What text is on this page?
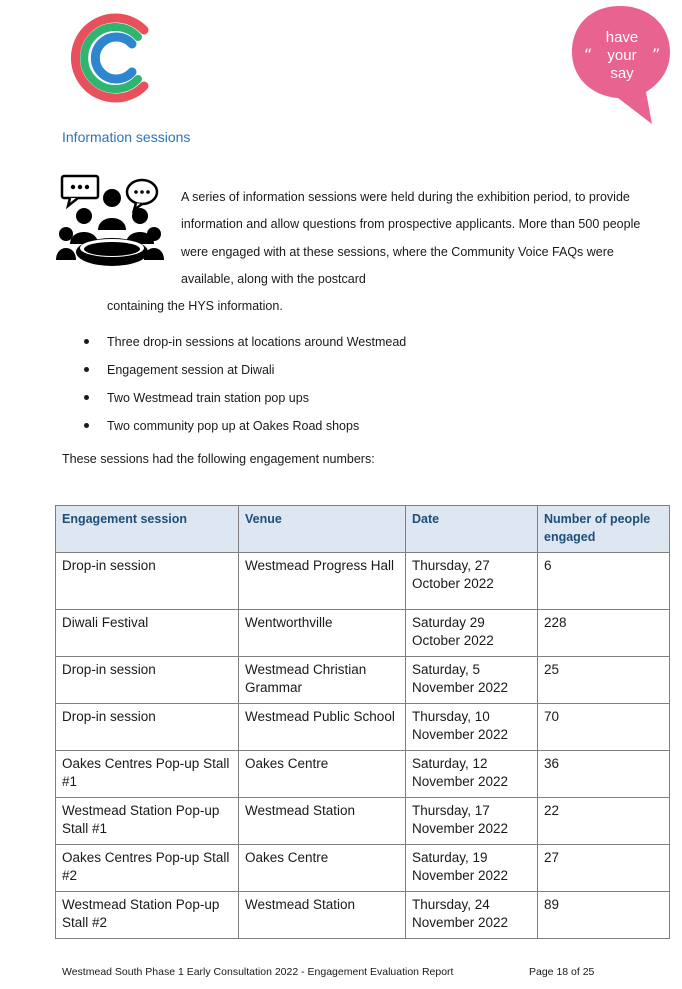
“	”
have
your
say
Information sessions

A series of information sessions were held during the exhibition period, to provide information and allow questions from prospective applicants. More than 500 people were engaged with at these sessions, where the Community Voice FAQs were available, along with the postcard

containing the HYS information.
Three drop-in sessions at locations around Westmead
Engagement session at Diwali
Two Westmead train station pop ups
Two community pop up at Oakes Road shops
These sessions had the following engagement numbers:
Engagement session	Venue	Date	Number of people engaged
Drop-in session	Westmead Progress Hall	Thursday, 27 October 2022	6
Diwali Festival	Wentworthville	Saturday 29 October 2022	228
Drop-in session	Westmead Christian Grammar	Saturday, 5 November 2022	25
Drop-in session	Westmead Public School	Thursday, 10 November 2022	70
Oakes Centres Pop-up Stall #1	Oakes Centre	Saturday, 12 November 2022	36
Westmead Station Pop-up Stall #1	Westmead Station	Thursday, 17 November 2022	22
Oakes Centres Pop-up Stall #2	Oakes Centre	Saturday, 19 November 2022	27
Westmead Station Pop-up Stall #2	Westmead Station	Thursday, 24 November 2022	89
Westmead South Phase 1 Early Consultation 2022 - Engagement Evaluation Report	Page 18 of 25
